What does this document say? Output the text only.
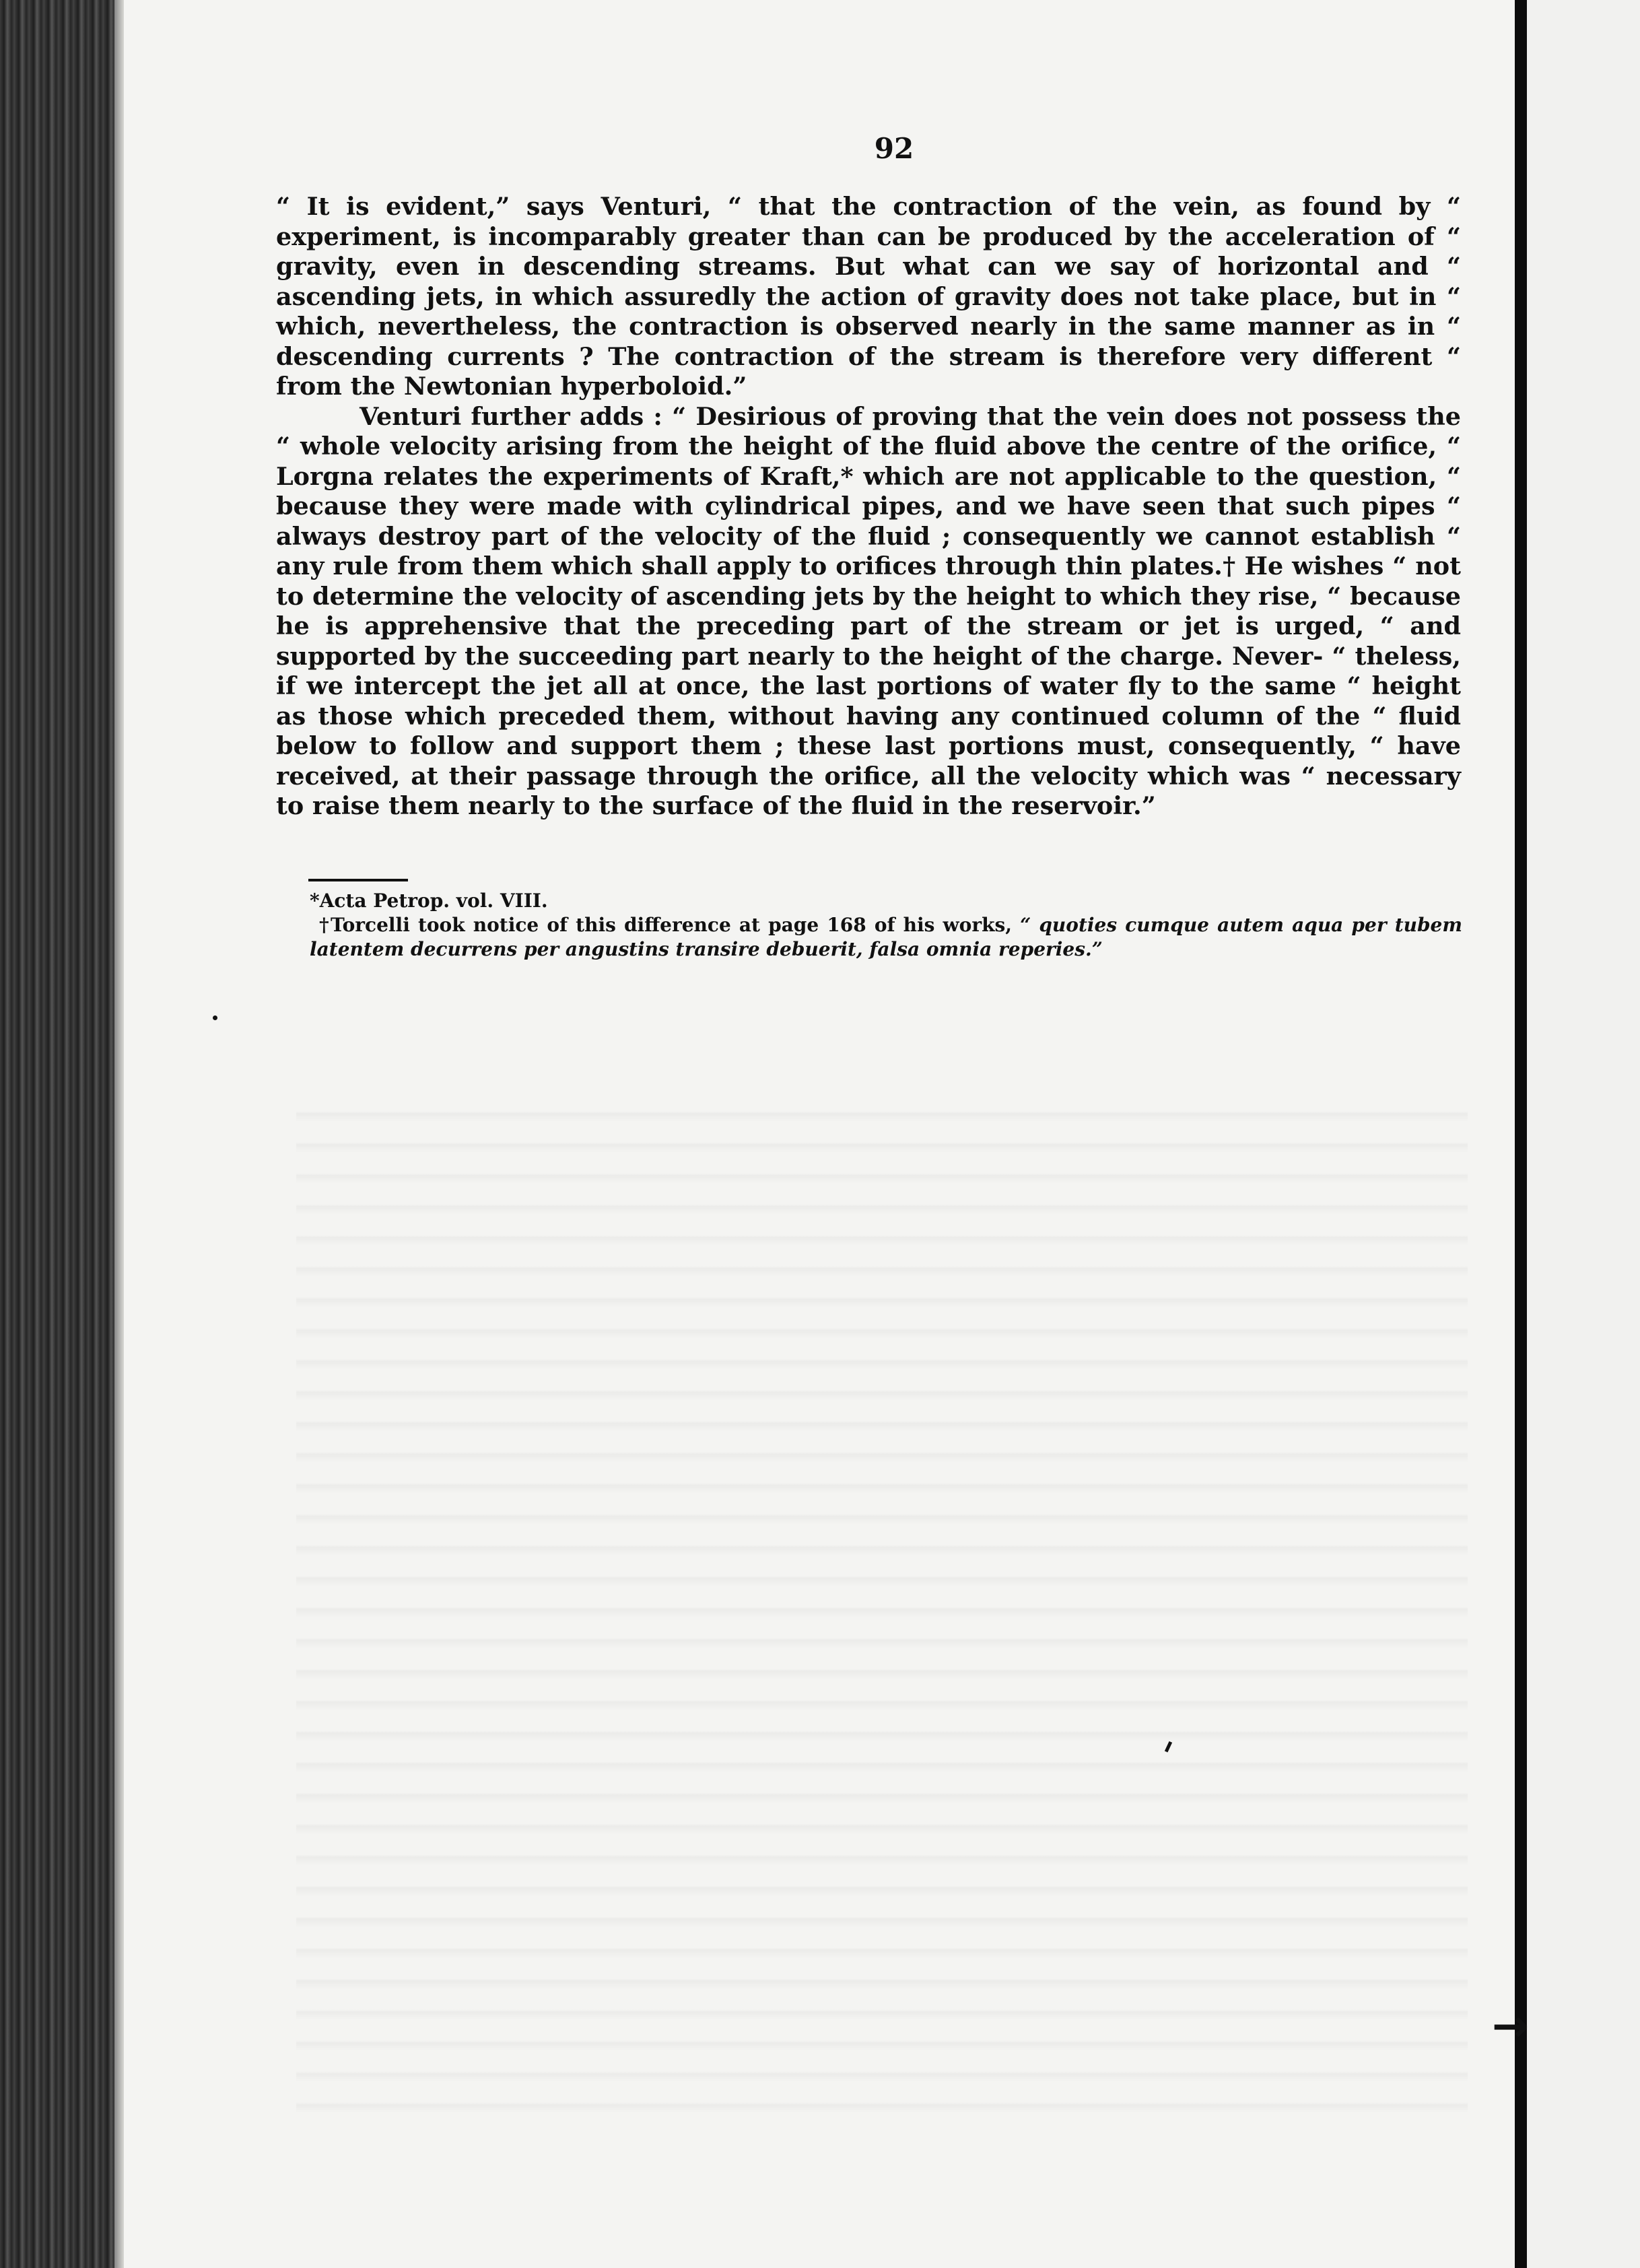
92

“ It is evident,” says Venturi, “ that the contraction of the vein, as found by “ experiment, is incomparably greater than can be produced by the acceleration of “ gravity, even in descending streams. But what can we say of horizontal and “ ascending jets, in which assuredly the action of gravity does not take place, but in “ which, nevertheless, the contraction is observed nearly in the same manner as in “ descending currents ? The contraction of the stream is therefore very different “ from the Newtonian hyperboloid.”

Venturi further adds : “ Desirious of proving that the vein does not possess the “ whole velocity arising from the height of the fluid above the centre of the orifice, “ Lorgna relates the experiments of Kraft,* which are not applicable to the question, “ because they were made with cylindrical pipes, and we have seen that such pipes “ always destroy part of the velocity of the fluid ; consequently we cannot establish “ any rule from them which shall apply to orifices through thin plates.† He wishes “ not to determine the velocity of ascending jets by the height to which they rise, “ because he is apprehensive that the preceding part of the stream or jet is urged, “ and supported by the succeeding part nearly to the height of the charge. Never- “ theless, if we intercept the jet all at once, the last portions of water fly to the same “ height as those which preceded them, without having any continued column of the “ fluid below to follow and support them ; these last portions must, consequently, “ have received, at their passage through the orifice, all the velocity which was “ necessary to raise them nearly to the surface of the fluid in the reservoir.”

*Acta Petrop. vol. VIII.

†Torcelli took notice of this difference at page 168 of his works, “ quoties cumque autem aqua per tubem latentem decurrens per angustins transire debuerit, falsa omnia reperies.”

→
